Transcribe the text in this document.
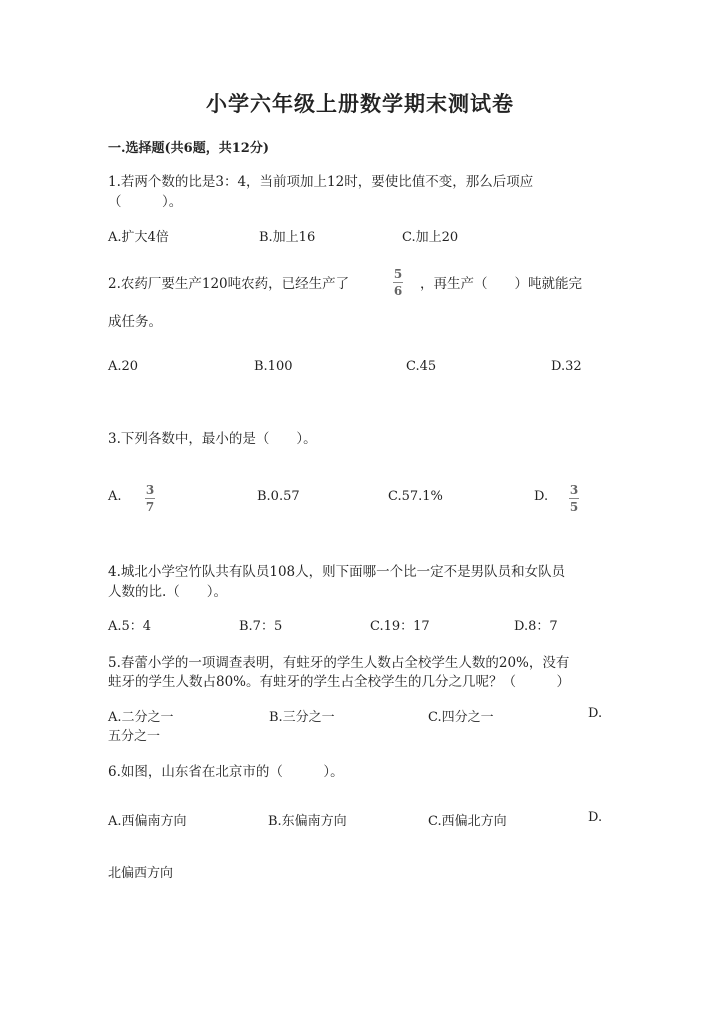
小学六年级上册数学期末测试卷
一.选择题(共6题，共12分)
1.若两个数的比是3：4，当前项加上12时，要使比值不变，那么后项应
（　　　）。
A.扩大4倍	B.加上16	C.加上20
2.农药厂要生产120吨农药，已经生产了
5
6 ，再生产（　　）吨就能完
成任务。
A.20	B.100	C.45	D.32
3.下列各数中，最小的是（　　）。
A. 3
7
B.0.57	C.57.1%	D. 3
5
4.城北小学空竹队共有队员108人，则下面哪一个比一定不是男队员和女队员
人数的比.（　　）。
A.5：4	B.7：5	C.19：17	D.8：7
5.春蕾小学的一项调查表明，有蛀牙的学生人数占全校学生人数的20%，没有
蛀牙的学生人数占80%。有蛀牙的学生占全校学生的几分之几呢？（　　　）
A.二分之一	B.三分之一	C.四分之一	D.
五分之一
6.如图，山东省在北京市的（　　　）。
A.西偏南方向	B.东偏南方向	C.西偏北方向	D.
北偏西方向
